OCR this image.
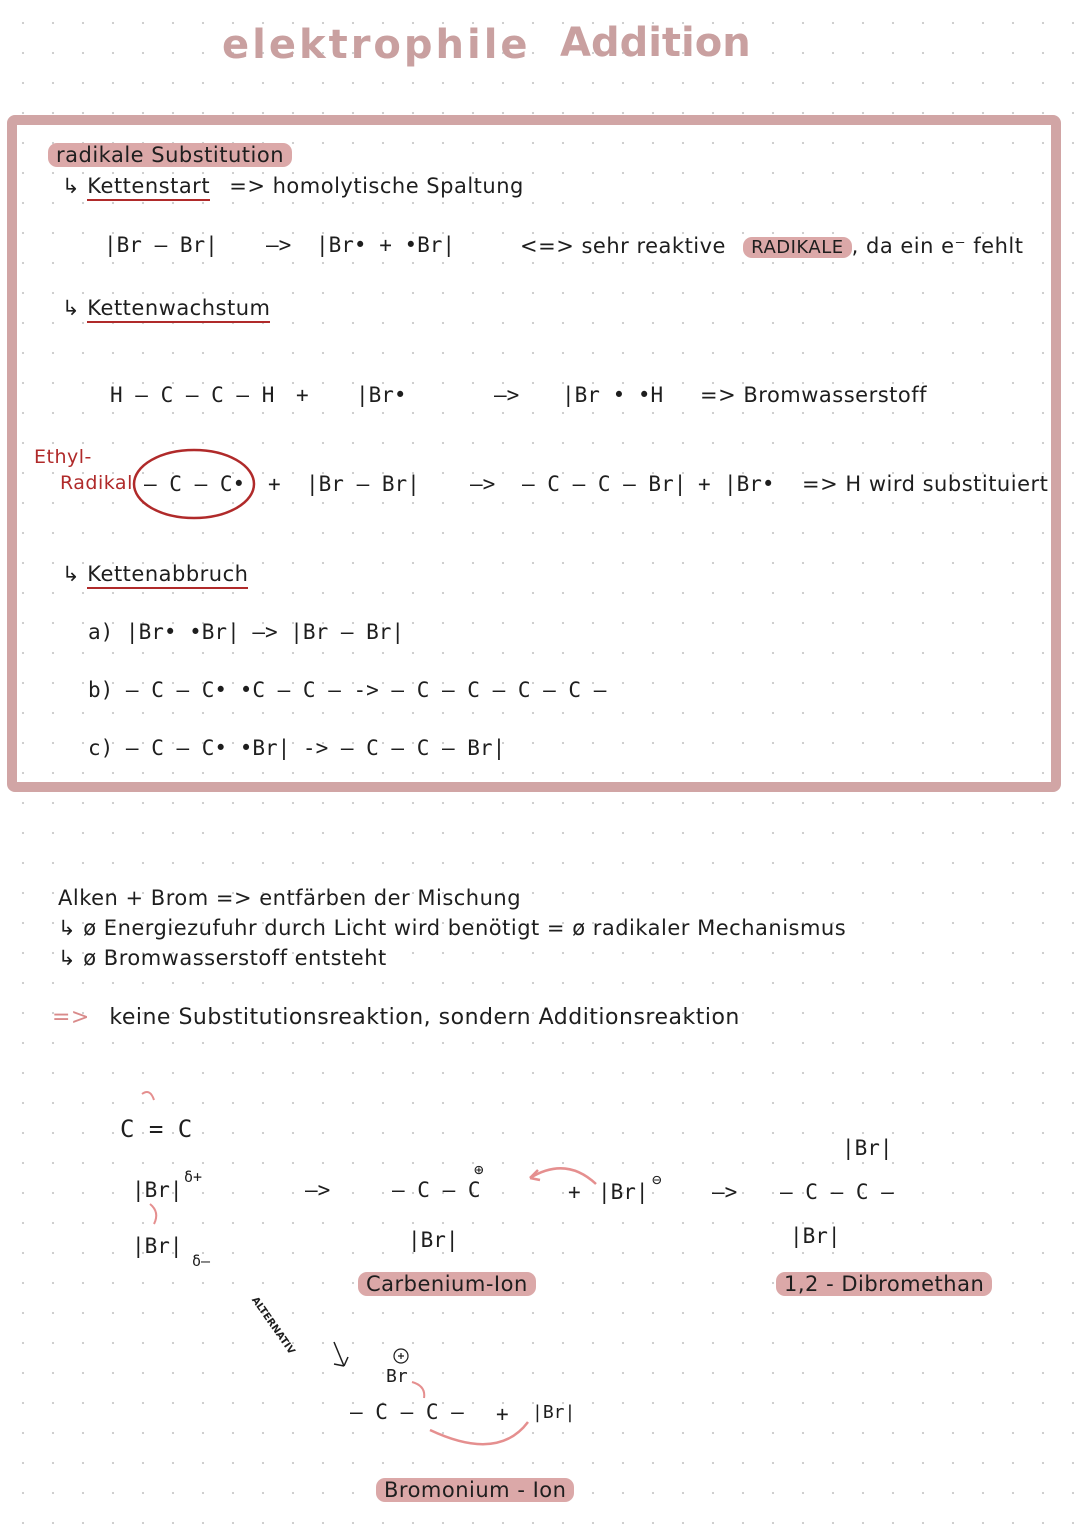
elektrophile Addition
radikale Substitution
↳ Kettenstart => homolytische Spaltung
|Br – Br| –> |Br• + •Br|	<=> sehr reaktive RADIKALE , da ein e⁻ fehlt
↳ Kettenwachstum
H – C – C – H + |Br•	–> |Br • •H => Bromwasserstoff
Ethyl-
Radikal – C – C• + |Br – Br| –> – C – C – Br| + |Br• => H wird substituiert
↳ Kettenabbruch
a) |Br• •Br| –> |Br – Br|
b) – C – C• •C – C – -> – C – C – C – C –
c) – C – C• •Br| -> – C – C – Br|
Alken + Brom => entfärben der Mischung
↳ ø Energiezufuhr durch Licht wird benötigt = ø radikaler Mechanismus
↳ ø Bromwasserstoff entsteht
=> keine Substitutionsreaktion, sondern Additionsreaktion
C = C
|Br|
δ+
|Br|
δ–
–>	– C – C
⊕
|Br|
+ |Br|
⊖
–>
|Br|
– C – C –
|Br|
Carbenium-Ion	1,2 - Dibromethan
ALTERNATIV
Br
– C – C – + |Br|
Bromonium - Ion
